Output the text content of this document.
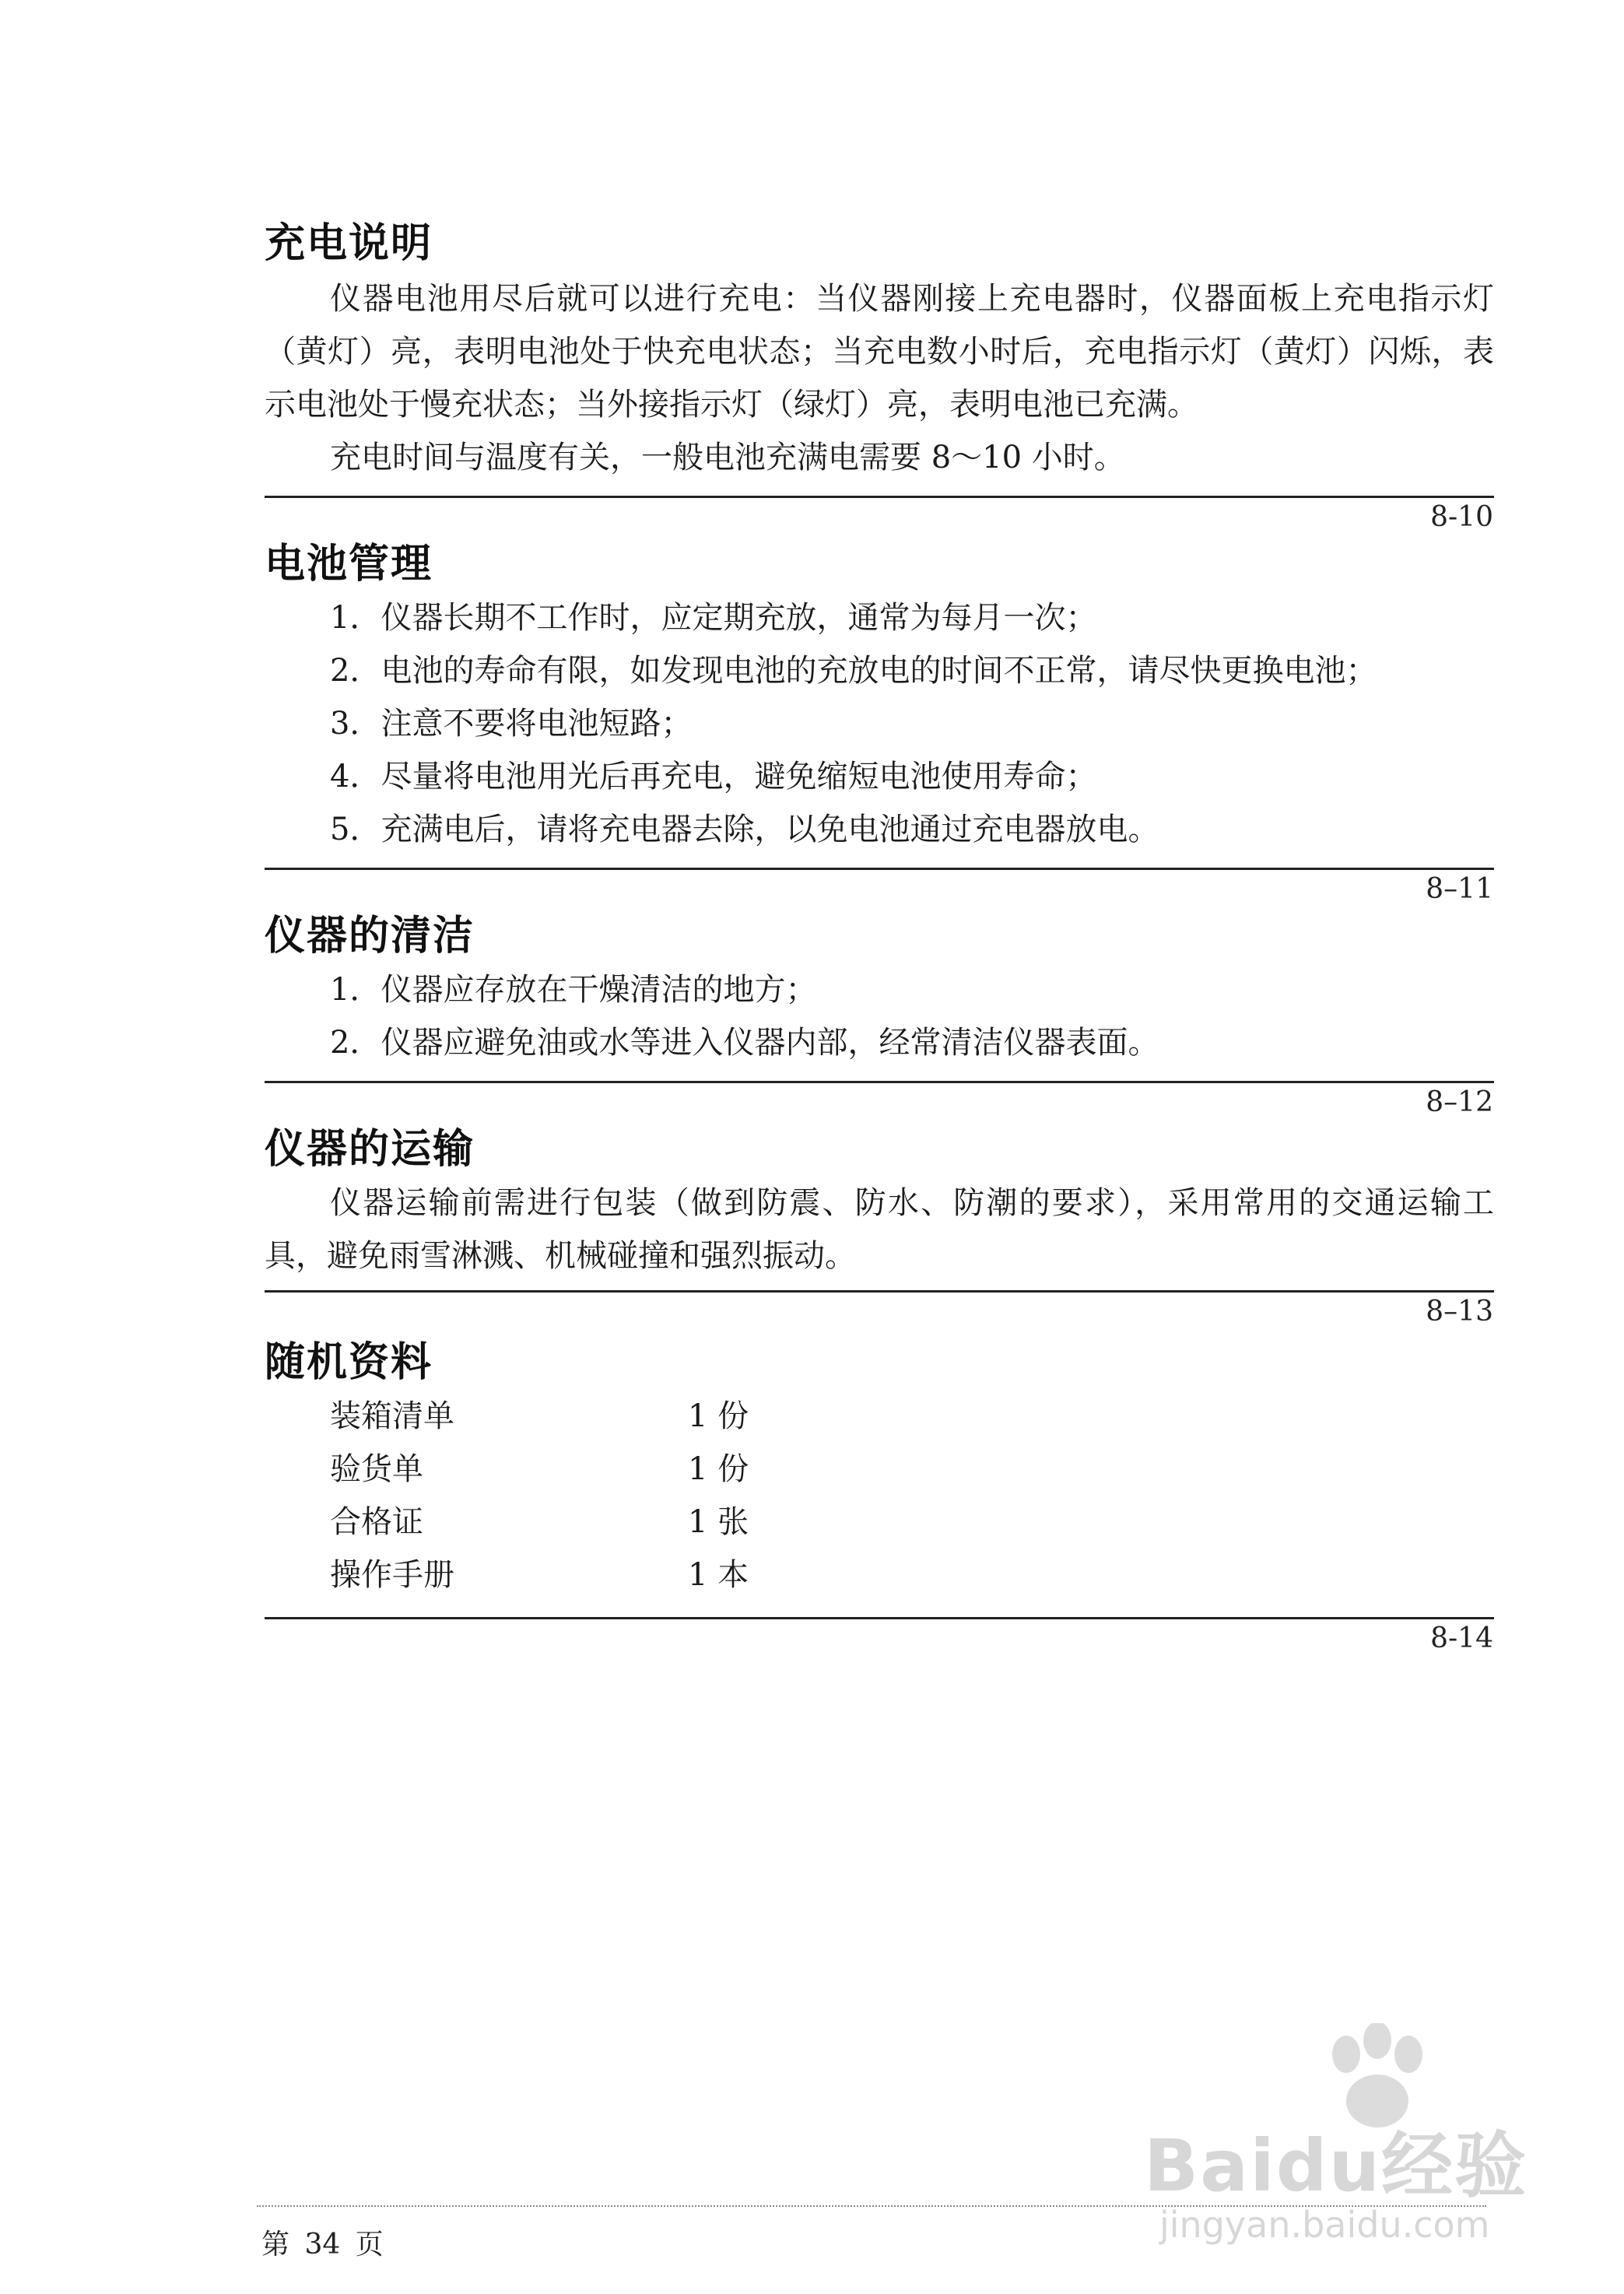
充电说明

仪器电池用尽后就可以进行充电：当仪器刚接上充电器时，仪器面板上充电指示灯（黄灯）亮，表明电池处于快充电状态；当充电数小时后，充电指示灯（黄灯）闪烁，表示电池处于慢充状态；当外接指示灯（绿灯）亮，表明电池已充满。

充电时间与温度有关，一般电池充满电需要 8～10 小时。

8-10
电池管理
1．仪器长期不工作时，应定期充放，通常为每月一次；
2．电池的寿命有限，如发现电池的充放电的时间不正常，请尽快更换电池；
3．注意不要将电池短路；
4．尽量将电池用光后再充电，避免缩短电池使用寿命；
5．充满电后，请将充电器去除，以免电池通过充电器放电。
8–11
仪器的清洁
1．仪器应存放在干燥清洁的地方；
2．仪器应避免油或水等进入仪器内部，经常清洁仪器表面。
8–12
仪器的运输

仪器运输前需进行包装（做到防震、防水、防潮的要求），采用常用的交通运输工具，避免雨雪淋溅、机械碰撞和强烈振动。

8–13
随机资料
装箱清单	1 份
验货单	1 份
合格证	1 张
操作手册	1 本
8-14
第 34 页
Baidu经验
jingyan.baidu.com
